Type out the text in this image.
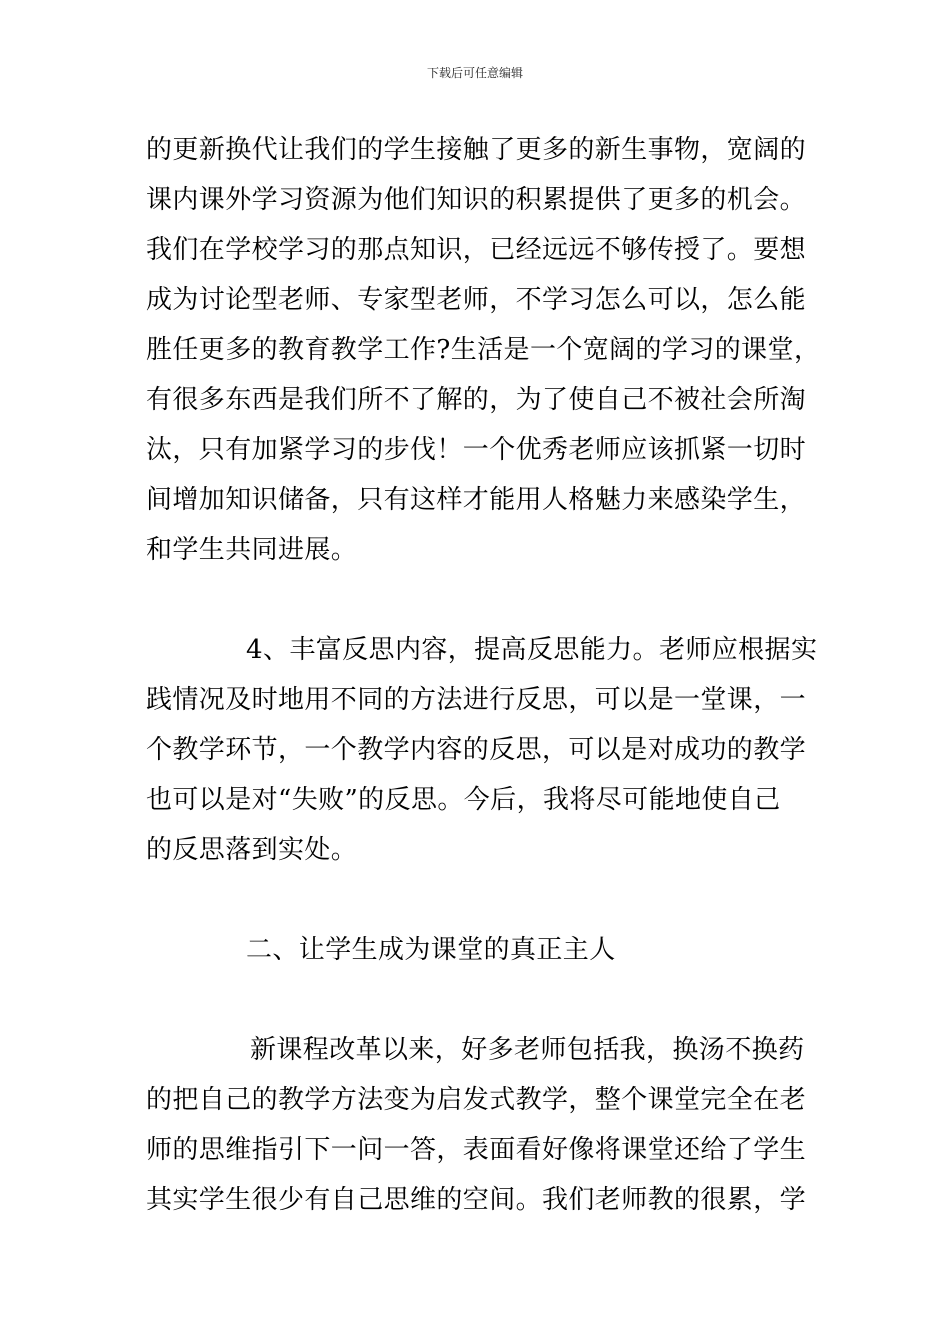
下载后可任意编辑
的更新换代让我们的学生接触了更多的新生事物，宽阔的
课内课外学习资源为他们知识的积累提供了更多的机会。
我们在学校学习的那点知识，已经远远不够传授了。要想
成为讨论型老师、专家型老师，不学习怎么可以，怎么能
胜任更多的教育教学工作?生活是一个宽阔的学习的课堂，
有很多东西是我们所不了解的，为了使自己不被社会所淘
汰，只有加紧学习的步伐！一个优秀老师应该抓紧一切时
间增加知识储备，只有这样才能用人格魅力来感染学生，
和学生共同进展。
4、丰富反思内容，提高反思能力。老师应根据实
践情况及时地用不同的方法进行反思，可以是一堂课，一
个教学环节，一个教学内容的反思，可以是对成功的教学
也可以是对“失败”的反思。今后，我将尽可能地使自己
的反思落到实处。
二、让学生成为课堂的真正主人
新课程改革以来，好多老师包括我，换汤不换药
的把自己的教学方法变为启发式教学，整个课堂完全在老
师的思维指引下一问一答，表面看好像将课堂还给了学生
其实学生很少有自己思维的空间。我们老师教的很累，学
